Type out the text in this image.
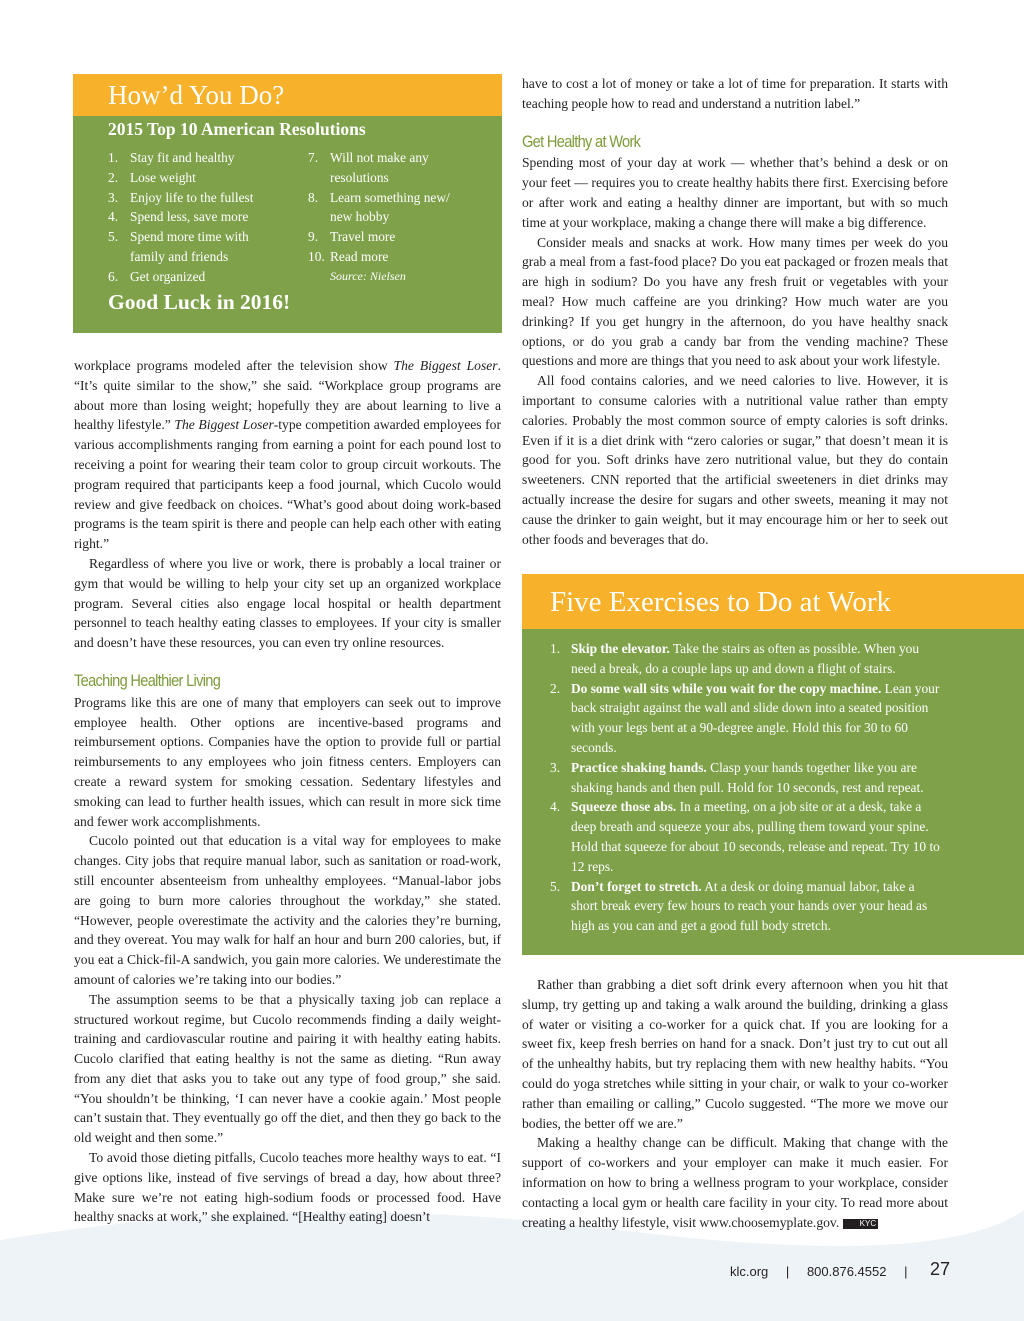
How’d You Do?
2015 Top 10 American Resolutions
1. Stay fit and healthy
2. Lose weight
3. Enjoy life to the fullest
4. Spend less, save more
5. Spend more time with
family and friends
6. Get organized
7. Will not make any
resolutions
8. Learn something new/
new hobby
9. Travel more
10. Read more
Source: Nielsen
Good Luck in 2016!

workplace programs modeled after the television show The Biggest Loser. “It’s quite similar to the show,” she said. “Workplace group programs are about more than losing weight; hopefully they are about learning to live a healthy lifestyle.” The Biggest Loser-type competition awarded employees for various accomplishments ranging from earning a point for each pound lost to receiving a point for wearing their team color to group circuit workouts. The program required that participants keep a food journal, which Cucolo would review and give feedback on choices. “What’s good about doing work-based programs is the team spirit is there and people can help each other with eating right.”

Regardless of where you live or work, there is probably a local trainer or gym that would be willing to help your city set up an organized workplace program. Several cities also engage local hospital or health department personnel to teach healthy eating classes to employees. If your city is smaller and doesn’t have these resources, you can even try online resources.

Teaching Healthier Living

Programs like this are one of many that employers can seek out to improve employee health. Other options are incentive-based programs and reimbursement options. Companies have the option to provide full or partial reimbursements to any employees who join fitness centers. Employers can create a reward system for smoking cessation. Sedentary lifestyles and smoking can lead to further health issues, which can result in more sick time and fewer work accomplishments.

Cucolo pointed out that education is a vital way for employees to make changes. City jobs that require manual labor, such as sanitation or road-work, still encounter absenteeism from unhealthy employees. “Manual-labor jobs are going to burn more calories throughout the workday,” she stated. “However, people overestimate the activity and the calories they’re burning, and they overeat. You may walk for half an hour and burn 200 calories, but, if you eat a Chick-fil-A sandwich, you gain more calories. We underestimate the amount of calories we’re taking into our bodies.”

The assumption seems to be that a physically taxing job can replace a structured workout regime, but Cucolo recommends finding a daily weight-training and cardiovascular routine and pairing it with healthy eating habits. Cucolo clarified that eating healthy is not the same as dieting. “Run away from any diet that asks you to take out any type of food group,” she said. “You shouldn’t be thinking, ‘I can never have a cookie again.’ Most people can’t sustain that. They eventually go off the diet, and then they go back to the old weight and then some.”

To avoid those dieting pitfalls, Cucolo teaches more healthy ways to eat. “I give options like, instead of five servings of bread a day, how about three? Make sure we’re not eating high-sodium foods or processed food. Have healthy snacks at work,” she explained. “[Healthy eating] doesn’t

have to cost a lot of money or take a lot of time for preparation. It starts with teaching people how to read and understand a nutrition label.”

Get Healthy at Work

Spending most of your day at work — whether that’s behind a desk or on your feet — requires you to create healthy habits there first. Exercising before or after work and eating a healthy dinner are important, but with so much time at your workplace, making a change there will make a big difference.

Consider meals and snacks at work. How many times per week do you grab a meal from a fast-food place? Do you eat packaged or frozen meals that are high in sodium? Do you have any fresh fruit or vegetables with your meal? How much caffeine are you drinking? How much water are you drinking? If you get hungry in the afternoon, do you have healthy snack options, or do you grab a candy bar from the vending machine? These questions and more are things that you need to ask about your work lifestyle.

All food contains calories, and we need calories to live. However, it is important to consume calories with a nutritional value rather than empty calories. Probably the most common source of empty calories is soft drinks. Even if it is a diet drink with “zero calories or sugar,” that doesn’t mean it is good for you. Soft drinks have zero nutritional value, but they do contain sweeteners. CNN reported that the artificial sweeteners in diet drinks may actually increase the desire for sugars and other sweets, meaning it may not cause the drinker to gain weight, but it may encourage him or her to seek out other foods and beverages that do.

Five Exercises to Do at Work
1. Skip the elevator. Take the stairs as often as possible. When you need a break, do a couple laps up and down a flight of stairs.
2. Do some wall sits while you wait for the copy machine. Lean your back straight against the wall and slide down into a seated position with your legs bent at a 90-degree angle. Hold this for 30 to 60 seconds.
3. Practice shaking hands. Clasp your hands together like you are shaking hands and then pull. Hold for 10 seconds, rest and repeat.
4. Squeeze those abs. In a meeting, on a job site or at a desk, take a deep breath and squeeze your abs, pulling them toward your spine. Hold that squeeze for about 10 seconds, release and repeat. Try 10 to 12 reps.
5. Don’t forget to stretch. At a desk or doing manual labor, take a short break every few hours to reach your hands over your head as high as you can and get a good full body stretch.

Rather than grabbing a diet soft drink every afternoon when you hit that slump, try getting up and taking a walk around the building, drinking a glass of water or visiting a co-worker for a quick chat. If you are looking for a sweet fix, keep fresh berries on hand for a snack. Don’t just try to cut out all of the unhealthy habits, but try replacing them with new healthy habits. “You could do yoga stretches while sitting in your chair, or walk to your co-worker rather than emailing or calling,” Cucolo suggested. “The more we move our bodies, the better off we are.”

Making a healthy change can be difficult. Making that change with the support of co-workers and your employer can make it much easier. For information on how to bring a wellness program to your workplace, consider contacting a local gym or health care facility in your city. To read more about creating a healthy lifestyle, visit www.choosemyplate.gov.	KYC

klc.org | 800.876.4552 |	27
